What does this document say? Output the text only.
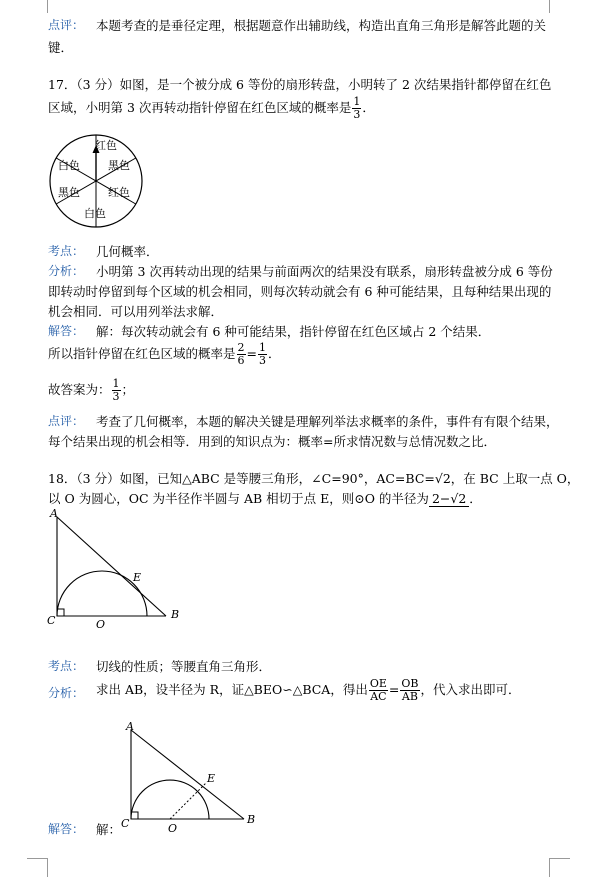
点评： 本题考查的是垂径定理，根据题意作出辅助线，构造出直角三角形是解答此题的关
键．
17．（3 分）如图，是一个被分成 6 等份的扇形转盘，小明转了 2 次结果指针都停留在红色
区域，小明第 3 次再转动指针停留在红色区域的概率是 $\frac{1}{3}$ ．
红色
黑色
红色
白色
黑色
白色
考点： 几何概率．
分析： 小明第 3 次再转动出现的结果与前面两次的结果没有联系，扇形转盘被分成 6 等份
即转动时停留到每个区域的机会相同，则每次转动就会有 6 种可能结果，且每种结果出现的
机会相同．可以用列举法求解．
解答： 解：每次转动就会有 6 种可能结果，指针停留在红色区域占 2 个结果．
所以指针停留在红色区域的概率是 $\frac{2}{6} = \frac{1}{3}$ ．
故答案为： $\frac{1}{3}$ ；
点评： 考查了几何概率，本题的解决关键是理解列举法求概率的条件，事件有有限个结果，
每个结果出现的机会相等．用到的知识点为：概率=所求情况数与总情况数之比．
18．（3 分）如图，已知△ABC 是等腰三角形，∠C=90°，AC=BC=√2，在 BC 上取一点 O，
以 O 为圆心，OC 为半径作半圆与 AB 相切于点 E，则⊙O 的半径为 2−√2 ．
A
C	O
B
E
考点： 切线的性质；等腰直角三角形．
分析： 求出 AB，设半径为 R，证△BEO∽△BCA，得出 $\frac{OE}{AC} = \frac{OB}{AB}$ ，代入求出即可．
A
C	O
B
E
解答： 解：
